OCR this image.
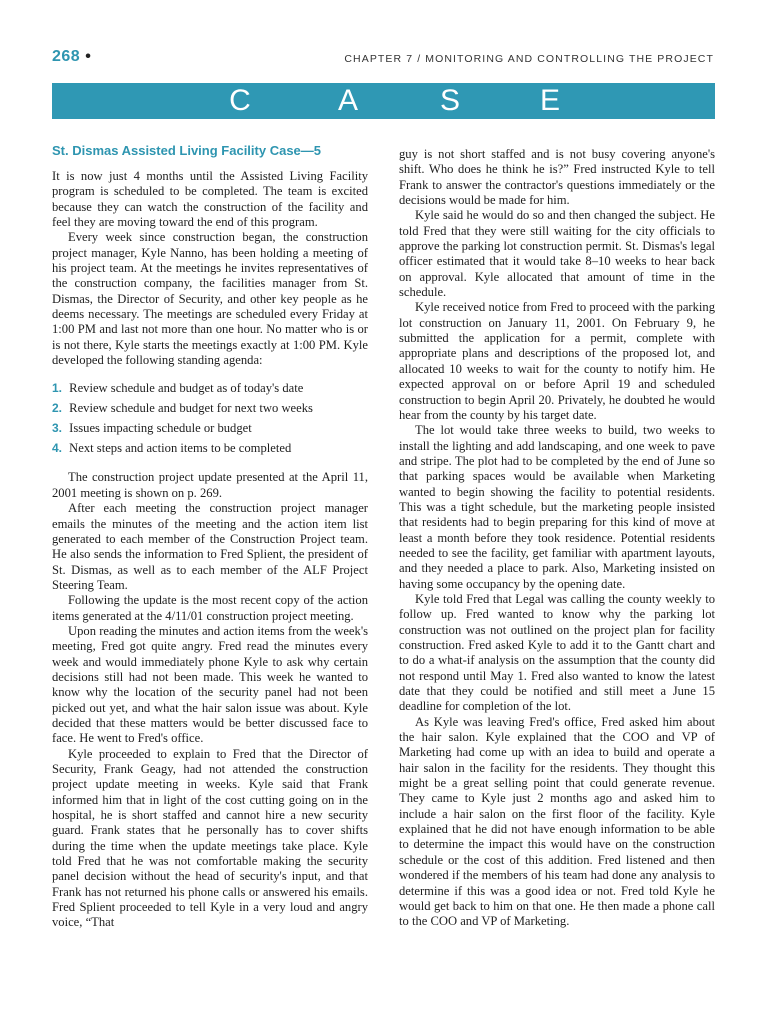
268 •	CHAPTER 7 / MONITORING AND CONTROLLING THE PROJECT
C	A	S	E
St. Dismas Assisted Living Facility Case—5

It is now just 4 months until the Assisted Living Facility program is scheduled to be completed. The team is excited because they can watch the construction of the facility and feel they are moving toward the end of this program.

Every week since construction began, the construction project manager, Kyle Nanno, has been holding a meeting of his project team. At the meetings he invites representatives of the construction company, the facilities manager from St. Dismas, the Director of Security, and other key people as he deems necessary. The meetings are scheduled every Friday at 1:00 PM and last not more than one hour. No matter who is or is not there, Kyle starts the meetings exactly at 1:00 PM. Kyle developed the following standing agenda:

1. Review schedule and budget as of today's date
2. Review schedule and budget for next two weeks
3. Issues impacting schedule or budget
4. Next steps and action items to be completed

The construction project update presented at the April 11, 2001 meeting is shown on p. 269.

After each meeting the construction project manager emails the minutes of the meeting and the action item list generated to each member of the Construction Project team. He also sends the information to Fred Splient, the president of St. Dismas, as well as to each member of the ALF Project Steering Team.

Following the update is the most recent copy of the action items generated at the 4/11/01 construction project meeting.

Upon reading the minutes and action items from the week's meeting, Fred got quite angry. Fred read the minutes every week and would immediately phone Kyle to ask why certain decisions still had not been made. This week he wanted to know why the location of the security panel had not been picked out yet, and what the hair salon issue was about. Kyle decided that these matters would be better discussed face to face. He went to Fred's office.

Kyle proceeded to explain to Fred that the Director of Security, Frank Geagy, had not attended the construction project update meeting in weeks. Kyle said that Frank informed him that in light of the cost cutting going on in the hospital, he is short staffed and cannot hire a new security guard. Frank states that he personally has to cover shifts during the time when the update meetings take place. Kyle told Fred that he was not comfortable making the security panel decision without the head of security's input, and that Frank has not returned his phone calls or answered his emails. Fred Splient proceeded to tell Kyle in a very loud and angry voice, “That

guy is not short staffed and is not busy covering anyone's shift. Who does he think he is?” Fred instructed Kyle to tell Frank to answer the contractor's questions immediately or the decisions would be made for him.

Kyle said he would do so and then changed the subject. He told Fred that they were still waiting for the city officials to approve the parking lot construction permit. St. Dismas's legal officer estimated that it would take 8–10 weeks to hear back on approval. Kyle allocated that amount of time in the schedule.

Kyle received notice from Fred to proceed with the parking lot construction on January 11, 2001. On February 9, he submitted the application for a permit, complete with appropriate plans and descriptions of the proposed lot, and allocated 10 weeks to wait for the county to notify him. He expected approval on or before April 19 and scheduled construction to begin April 20. Privately, he doubted he would hear from the county by his target date.

The lot would take three weeks to build, two weeks to install the lighting and add landscaping, and one week to pave and stripe. The plot had to be completed by the end of June so that parking spaces would be available when Marketing wanted to begin showing the facility to potential residents. This was a tight schedule, but the marketing people insisted that residents had to begin preparing for this kind of move at least a month before they took residence. Potential residents needed to see the facility, get familiar with apartment layouts, and they needed a place to park. Also, Marketing insisted on having some occupancy by the opening date.

Kyle told Fred that Legal was calling the county weekly to follow up. Fred wanted to know why the parking lot construction was not outlined on the project plan for facility construction. Fred asked Kyle to add it to the Gantt chart and to do a what-if analysis on the assumption that the county did not respond until May 1. Fred also wanted to know the latest date that they could be notified and still meet a June 15 deadline for completion of the lot.

As Kyle was leaving Fred's office, Fred asked him about the hair salon. Kyle explained that the COO and VP of Marketing had come up with an idea to build and operate a hair salon in the facility for the residents. They thought this might be a great selling point that could generate revenue. They came to Kyle just 2 months ago and asked him to include a hair salon on the first floor of the facility. Kyle explained that he did not have enough information to be able to determine the impact this would have on the construction schedule or the cost of this addition. Fred listened and then wondered if the members of his team had done any analysis to determine if this was a good idea or not. Fred told Kyle he would get back to him on that one. He then made a phone call to the COO and VP of Marketing.
